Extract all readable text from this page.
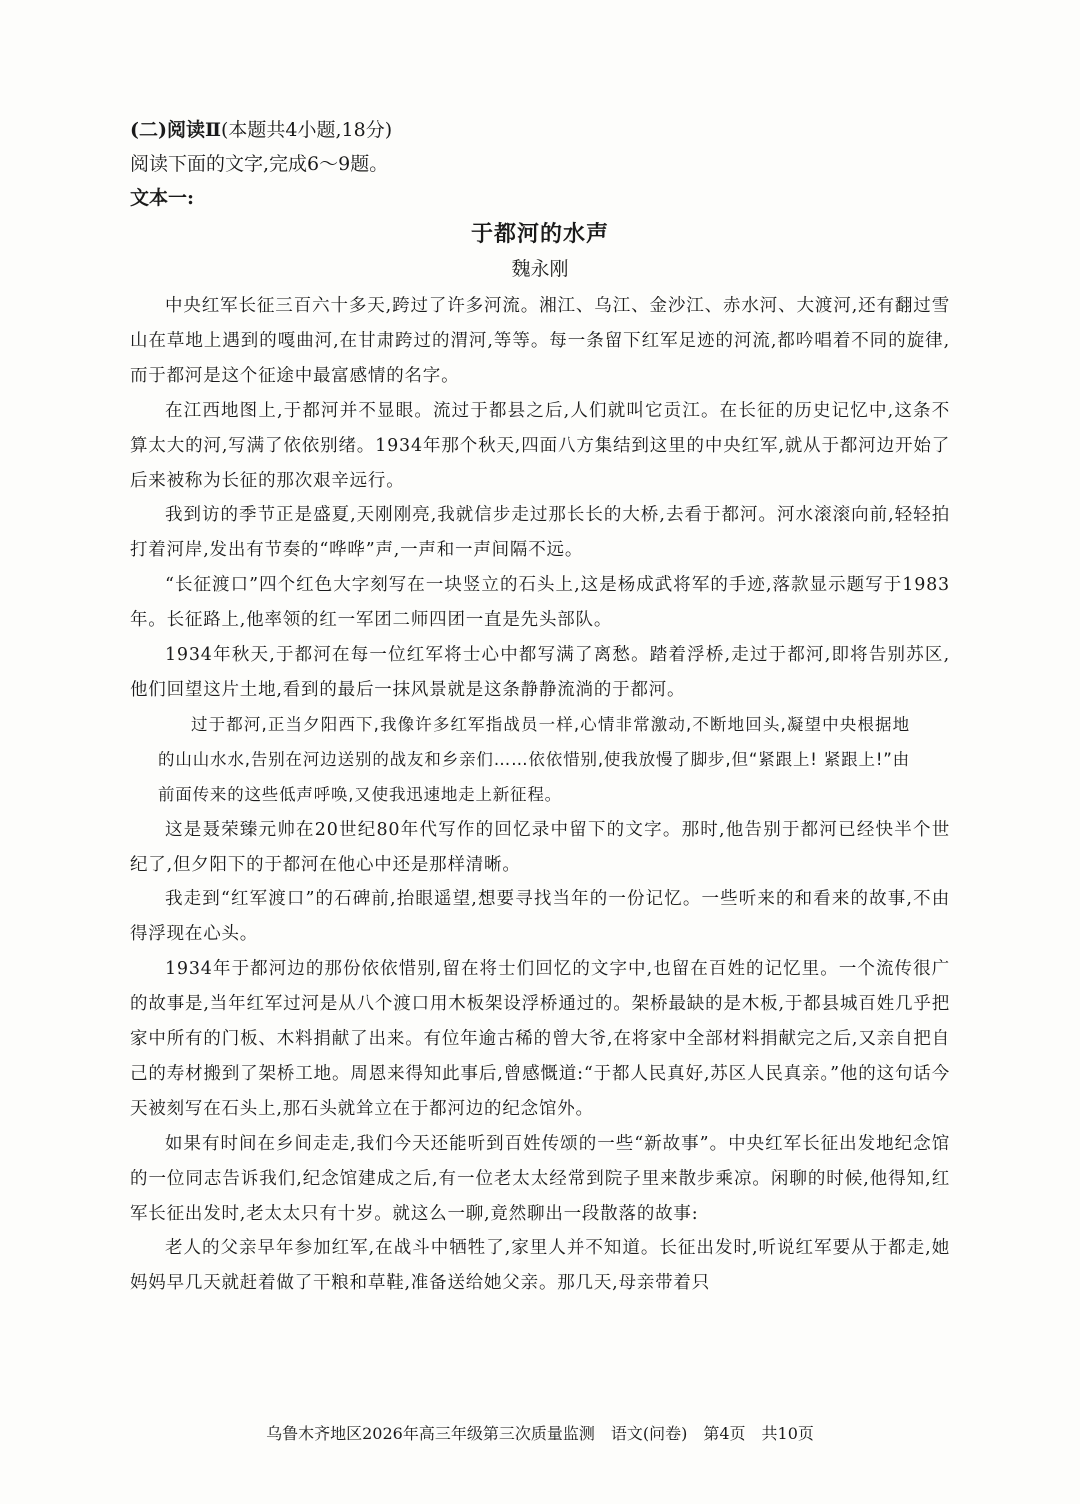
(二)阅读Ⅱ(本题共4小题,18分)
阅读下面的文字,完成6～9题。
文本一:
于都河的水声
魏永刚

中央红军长征三百六十多天,跨过了许多河流。湘江、乌江、金沙江、赤水河、大渡河,还有翻过雪山在草地上遇到的嘎曲河,在甘肃跨过的渭河,等等。每一条留下红军足迹的河流,都吟唱着不同的旋律,而于都河是这个征途中最富感情的名字。

在江西地图上,于都河并不显眼。流过于都县之后,人们就叫它贡江。在长征的历史记忆中,这条不算太大的河,写满了依依别绪。1934年那个秋天,四面八方集结到这里的中央红军,就从于都河边开始了后来被称为长征的那次艰辛远行。

我到访的季节正是盛夏,天刚刚亮,我就信步走过那长长的大桥,去看于都河。河水滚滚向前,轻轻拍打着河岸,发出有节奏的“哗哗”声,一声和一声间隔不远。

“长征渡口”四个红色大字刻写在一块竖立的石头上,这是杨成武将军的手迹,落款显示题写于1983年。长征路上,他率领的红一军团二师四团一直是先头部队。

1934年秋天,于都河在每一位红军将士心中都写满了离愁。踏着浮桥,走过于都河,即将告别苏区,他们回望这片土地,看到的最后一抹风景就是这条静静流淌的于都河。

过于都河,正当夕阳西下,我像许多红军指战员一样,心情非常激动,不断地回头,凝望中央根据地的山山水水,告别在河边送别的战友和乡亲们……依依惜别,使我放慢了脚步,但“紧跟上! 紧跟上!”由前面传来的这些低声呼唤,又使我迅速地走上新征程。

这是聂荣臻元帅在20世纪80年代写作的回忆录中留下的文字。那时,他告别于都河已经快半个世纪了,但夕阳下的于都河在他心中还是那样清晰。

我走到“红军渡口”的石碑前,抬眼遥望,想要寻找当年的一份记忆。一些听来的和看来的故事,不由得浮现在心头。

1934年于都河边的那份依依惜别,留在将士们回忆的文字中,也留在百姓的记忆里。一个流传很广的故事是,当年红军过河是从八个渡口用木板架设浮桥通过的。架桥最缺的是木板,于都县城百姓几乎把家中所有的门板、木料捐献了出来。有位年逾古稀的曾大爷,在将家中全部材料捐献完之后,又亲自把自己的寿材搬到了架桥工地。周恩来得知此事后,曾感慨道:“于都人民真好,苏区人民真亲。”他的这句话今天被刻写在石头上,那石头就耸立在于都河边的纪念馆外。

如果有时间在乡间走走,我们今天还能听到百姓传颂的一些“新故事”。中央红军长征出发地纪念馆的一位同志告诉我们,纪念馆建成之后,有一位老太太经常到院子里来散步乘凉。闲聊的时候,他得知,红军长征出发时,老太太只有十岁。就这么一聊,竟然聊出一段散落的故事:

老人的父亲早年参加红军,在战斗中牺牲了,家里人并不知道。长征出发时,听说红军要从于都走,她妈妈早几天就赶着做了干粮和草鞋,准备送给她父亲。那几天,母亲带着只

乌鲁木齐地区2026年高三年级第三次质量监测　语文(问卷)　第4页　共10页
